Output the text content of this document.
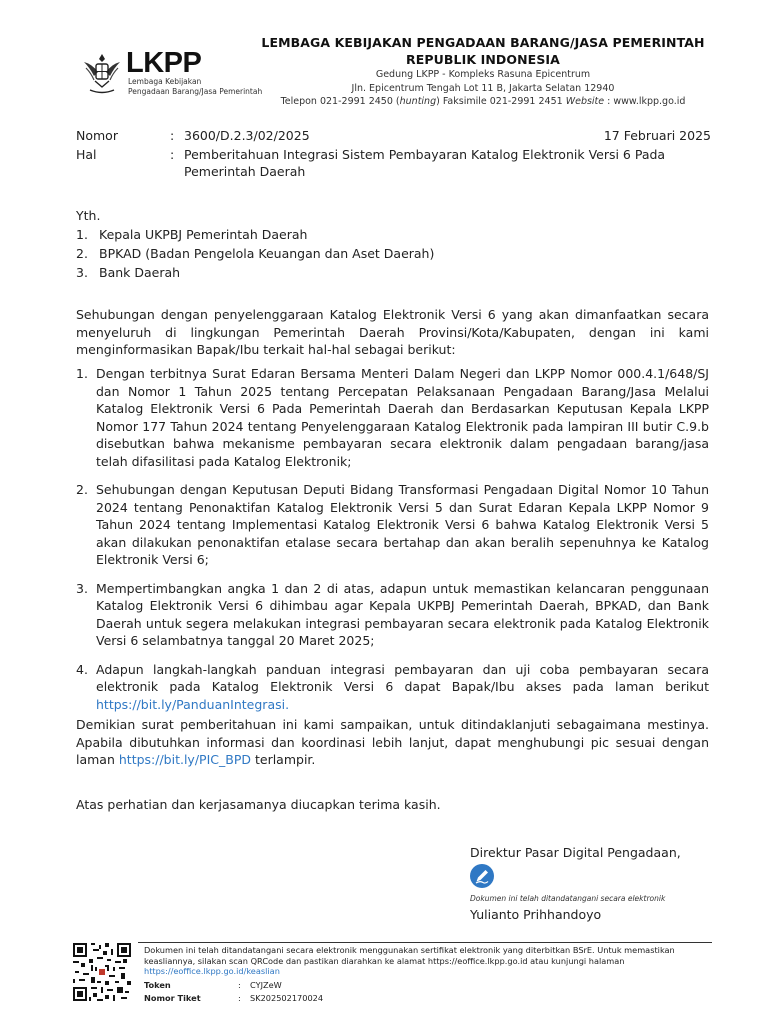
LKPP
Lembaga Kebijakan
Pengadaan Barang/Jasa Pemerintah
LEMBAGA KEBIJAKAN PENGADAAN BARANG/JASA PEMERINTAH
REPUBLIK INDONESIA
Gedung LKPP - Kompleks Rasuna Epicentrum
Jln. Epicentrum Tengah Lot 11 B, Jakarta Selatan 12940
Telepon 021-2991 2450 (hunting) Faksimile 021-2991 2451 Website : www.lkpp.go.id
Nomor	: 3600/D.2.3/02/2025	17 Februari 2025
Hal	: Pemberitahuan Integrasi Sistem Pembayaran Katalog Elektronik Versi 6 Pada Pemerintah Daerah
Yth.
1. Kepala UKPBJ Pemerintah Daerah
2. BPKAD (Badan Pengelola Keuangan dan Aset Daerah)
3. Bank Daerah
Sehubungan dengan penyelenggaraan Katalog Elektronik Versi 6 yang akan dimanfaatkan secara menyeluruh di lingkungan Pemerintah Daerah Provinsi/Kota/Kabupaten, dengan ini kami menginformasikan Bapak/Ibu terkait hal-hal sebagai berikut:
1. Dengan terbitnya Surat Edaran Bersama Menteri Dalam Negeri dan LKPP Nomor 000.4.1/648/SJ dan Nomor 1 Tahun 2025 tentang Percepatan Pelaksanaan Pengadaan Barang/Jasa Melalui Katalog Elektronik Versi 6 Pada Pemerintah Daerah dan Berdasarkan Keputusan Kepala LKPP Nomor 177 Tahun 2024 tentang Penyelenggaraan Katalog Elektronik pada lampiran III butir C.9.b disebutkan bahwa mekanisme pembayaran secara elektronik dalam pengadaan barang/jasa telah difasilitasi pada Katalog Elektronik;
2. Sehubungan dengan Keputusan Deputi Bidang Transformasi Pengadaan Digital Nomor 10 Tahun 2024 tentang Penonaktifan Katalog Elektronik Versi 5 dan Surat Edaran Kepala LKPP Nomor 9 Tahun 2024 tentang Implementasi Katalog Elektronik Versi 6 bahwa Katalog Elektronik Versi 5 akan dilakukan penonaktifan etalase secara bertahap dan akan beralih sepenuhnya ke Katalog Elektronik Versi 6;
3. Mempertimbangkan angka 1 dan 2 di atas, adapun untuk memastikan kelancaran penggunaan Katalog Elektronik Versi 6 dihimbau agar Kepala UKPBJ Pemerintah Daerah, BPKAD, dan Bank Daerah untuk segera melakukan integrasi pembayaran secara elektronik pada Katalog Elektronik Versi 6 selambatnya tanggal 20 Maret 2025;
4. Adapun langkah-langkah panduan integrasi pembayaran dan uji coba pembayaran secara elektronik pada Katalog Elektronik Versi 6 dapat Bapak/Ibu akses pada laman berikut https://bit.ly/PanduanIntegrasi.
Demikian surat pemberitahuan ini kami sampaikan, untuk ditindaklanjuti sebagaimana mestinya. Apabila dibutuhkan informasi dan koordinasi lebih lanjut, dapat menghubungi pic sesuai dengan laman https://bit.ly/PIC_BPD terlampir.
Atas perhatian dan kerjasamanya diucapkan terima kasih.
Direktur Pasar Digital Pengadaan,
Dokumen ini telah ditandatangani secara elektronik
Yulianto Prihhandoyo
Dokumen ini telah ditandatangani secara elektronik menggunakan sertifikat elektronik yang diterbitkan BSrE. Untuk memastikan keasliannya, silakan scan QRCode dan pastikan diarahkan ke alamat https://eoffice.lkpp.go.id atau kunjungi halaman
https://eoffice.lkpp.go.id/keaslian
Token	: CYJZeW
Nomor Tiket	: SK202502170024
